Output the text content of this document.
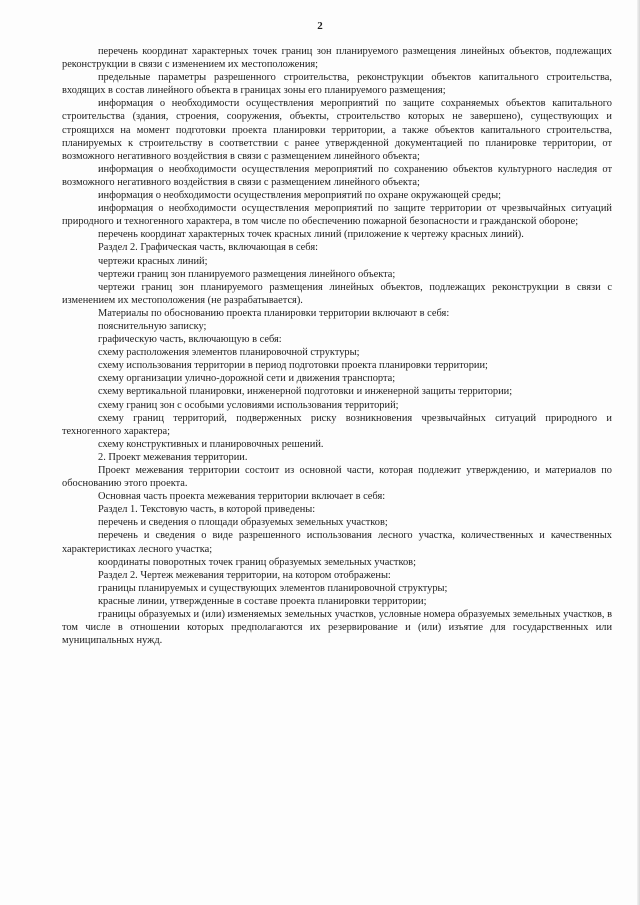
2

перечень координат характерных точек границ зон планируемого размещения линейных объектов, подлежащих реконструкции в связи с изменением их местоположения;

предельные параметры разрешенного строительства, реконструкции объектов капитального строительства, входящих в состав линейного объекта в границах зоны его планируемого размещения;

информация о необходимости осуществления мероприятий по защите сохраняемых объектов капитального строительства (здания, строения, сооружения, объекты, строительство которых не завершено), существующих и строящихся на момент подготовки проекта планировки территории, а также объектов капитального строительства, планируемых к строительству в соответствии с ранее утвержденной документацией по планировке территории, от возможного негативного воздействия в связи с размещением линейного объекта;

информация о необходимости осуществления мероприятий по сохранению объектов культурного наследия от возможного негативного воздействия в связи с размещением линейного объекта;

информация о необходимости осуществления мероприятий по охране окружающей среды;

информация о необходимости осуществления мероприятий по защите территории от чрезвычайных ситуаций природного и техногенного характера, в том числе по обеспечению пожарной безопасности и гражданской обороне;

перечень координат характерных точек красных линий (приложение к чертежу красных линий).

Раздел 2. Графическая часть, включающая в себя:

чертежи красных линий;

чертежи границ зон планируемого размещения линейного объекта;

чертежи границ зон планируемого размещения линейных объектов, подлежащих реконструкции в связи с изменением их местоположения (не разрабатывается).

Материалы по обоснованию проекта планировки территории включают в себя:

пояснительную записку;

графическую часть, включающую в себя:

схему расположения элементов планировочной структуры;

схему использования территории в период подготовки проекта планировки территории;

схему организации улично-дорожной сети и движения транспорта;

схему вертикальной планировки, инженерной подготовки и инженерной защиты территории;

схему границ зон с особыми условиями использования территорий;

схему границ территорий, подверженных риску возникновения чрезвычайных ситуаций природного и техногенного характера;

схему конструктивных и планировочных решений.

2. Проект межевания территории.

Проект межевания территории состоит из основной части, которая подлежит утверждению, и материалов по обоснованию этого проекта.

Основная часть проекта межевания территории включает в себя:

Раздел 1. Текстовую часть, в которой приведены:

перечень и сведения о площади образуемых земельных участков;

перечень и сведения о виде разрешенного использования лесного участка, количественных и качественных характеристиках лесного участка;

координаты поворотных точек границ образуемых земельных участков;

Раздел 2. Чертеж межевания территории, на котором отображены:

границы планируемых и существующих элементов планировочной структуры;

красные линии, утвержденные в составе проекта планировки территории;

границы образуемых и (или) изменяемых земельных участков, условные номера образуемых земельных участков, в том числе в отношении которых предполагаются их резервирование и (или) изъятие для государственных или муниципальных нужд.
